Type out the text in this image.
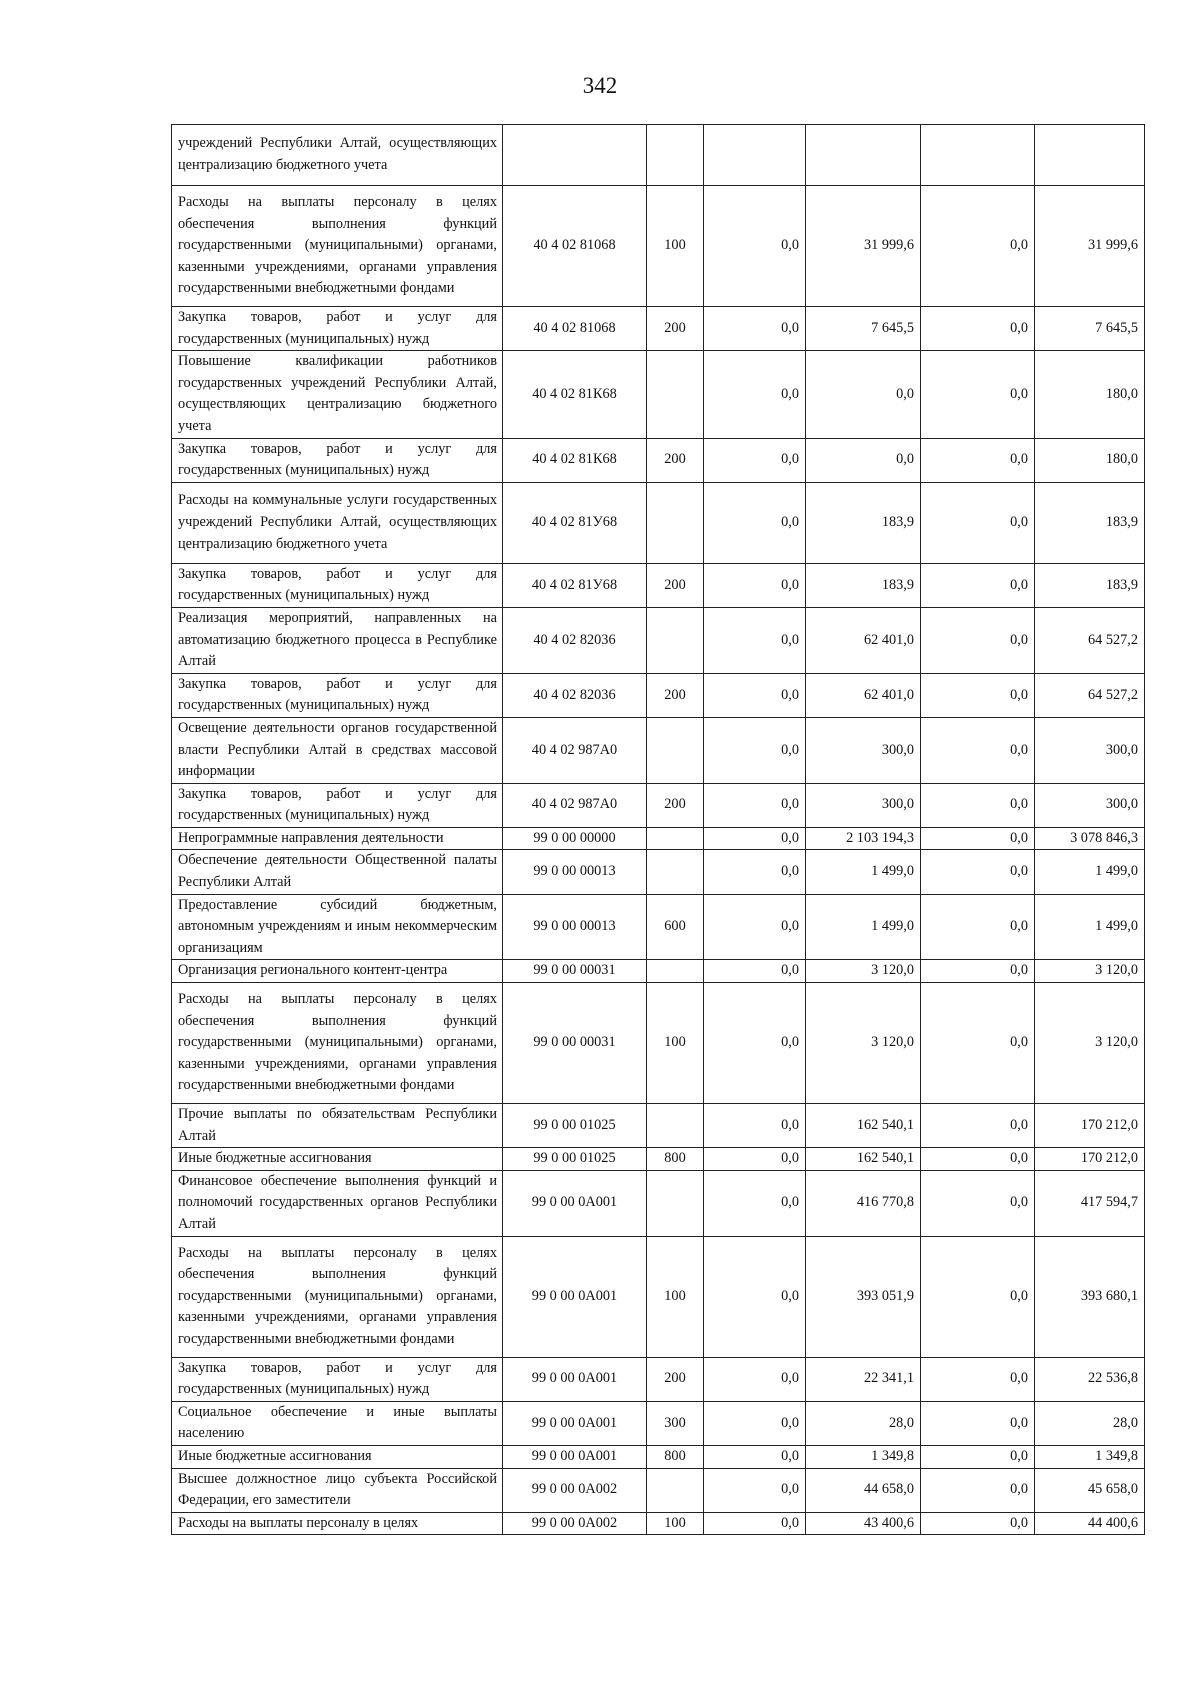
342
учреждений Республики Алтай, осуществляющих централизацию бюджетного учета						
Расходы на выплаты персоналу в целях обеспечения выполнения функций государственными (муниципальными) органами, казенными учреждениями, органами управления государственными внебюджетными фондами	40 4 02 81068	100	0,0	31 999,6	0,0	31 999,6
Закупка товаров, работ и услуг для государственных (муниципальных) нужд	40 4 02 81068	200	0,0	7 645,5	0,0	7 645,5
Повышение квалификации работников государственных учреждений Республики Алтай, осуществляющих централизацию бюджетного учета	40 4 02 81К68		0,0	0,0	0,0	180,0
Закупка товаров, работ и услуг для государственных (муниципальных) нужд	40 4 02 81К68	200	0,0	0,0	0,0	180,0
Расходы на коммунальные услуги государственных учреждений Республики Алтай, осуществляющих централизацию бюджетного учета	40 4 02 81У68		0,0	183,9	0,0	183,9
Закупка товаров, работ и услуг для государственных (муниципальных) нужд	40 4 02 81У68	200	0,0	183,9	0,0	183,9
Реализация мероприятий, направленных на автоматизацию бюджетного процесса в Республике Алтай	40 4 02 82036		0,0	62 401,0	0,0	64 527,2
Закупка товаров, работ и услуг для государственных (муниципальных) нужд	40 4 02 82036	200	0,0	62 401,0	0,0	64 527,2
Освещение деятельности органов государственной власти Республики Алтай в средствах массовой информации	40 4 02 987А0		0,0	300,0	0,0	300,0
Закупка товаров, работ и услуг для государственных (муниципальных) нужд	40 4 02 987А0	200	0,0	300,0	0,0	300,0
Непрограммные направления деятельности	99 0 00 00000		0,0	2 103 194,3	0,0	3 078 846,3
Обеспечение деятельности Общественной палаты Республики Алтай	99 0 00 00013		0,0	1 499,0	0,0	1 499,0
Предоставление субсидий бюджетным, автономным учреждениям и иным некоммерческим организациям	99 0 00 00013	600	0,0	1 499,0	0,0	1 499,0
Организация регионального контент-центра	99 0 00 00031		0,0	3 120,0	0,0	3 120,0
Расходы на выплаты персоналу в целях обеспечения выполнения функций государственными (муниципальными) органами, казенными учреждениями, органами управления государственными внебюджетными фондами	99 0 00 00031	100	0,0	3 120,0	0,0	3 120,0
Прочие выплаты по обязательствам Республики Алтай	99 0 00 01025		0,0	162 540,1	0,0	170 212,0
Иные бюджетные ассигнования	99 0 00 01025	800	0,0	162 540,1	0,0	170 212,0
Финансовое обеспечение выполнения функций и полномочий государственных органов Республики Алтай	99 0 00 0А001		0,0	416 770,8	0,0	417 594,7
Расходы на выплаты персоналу в целях обеспечения выполнения функций государственными (муниципальными) органами, казенными учреждениями, органами управления государственными внебюджетными фондами	99 0 00 0А001	100	0,0	393 051,9	0,0	393 680,1
Закупка товаров, работ и услуг для государственных (муниципальных) нужд	99 0 00 0А001	200	0,0	22 341,1	0,0	22 536,8
Социальное обеспечение и иные выплаты населению	99 0 00 0А001	300	0,0	28,0	0,0	28,0
Иные бюджетные ассигнования	99 0 00 0А001	800	0,0	1 349,8	0,0	1 349,8
Высшее должностное лицо субъекта Российской Федерации, его заместители	99 0 00 0А002		0,0	44 658,0	0,0	45 658,0
Расходы на выплаты персоналу в целях	99 0 00 0А002	100	0,0	43 400,6	0,0	44 400,6
